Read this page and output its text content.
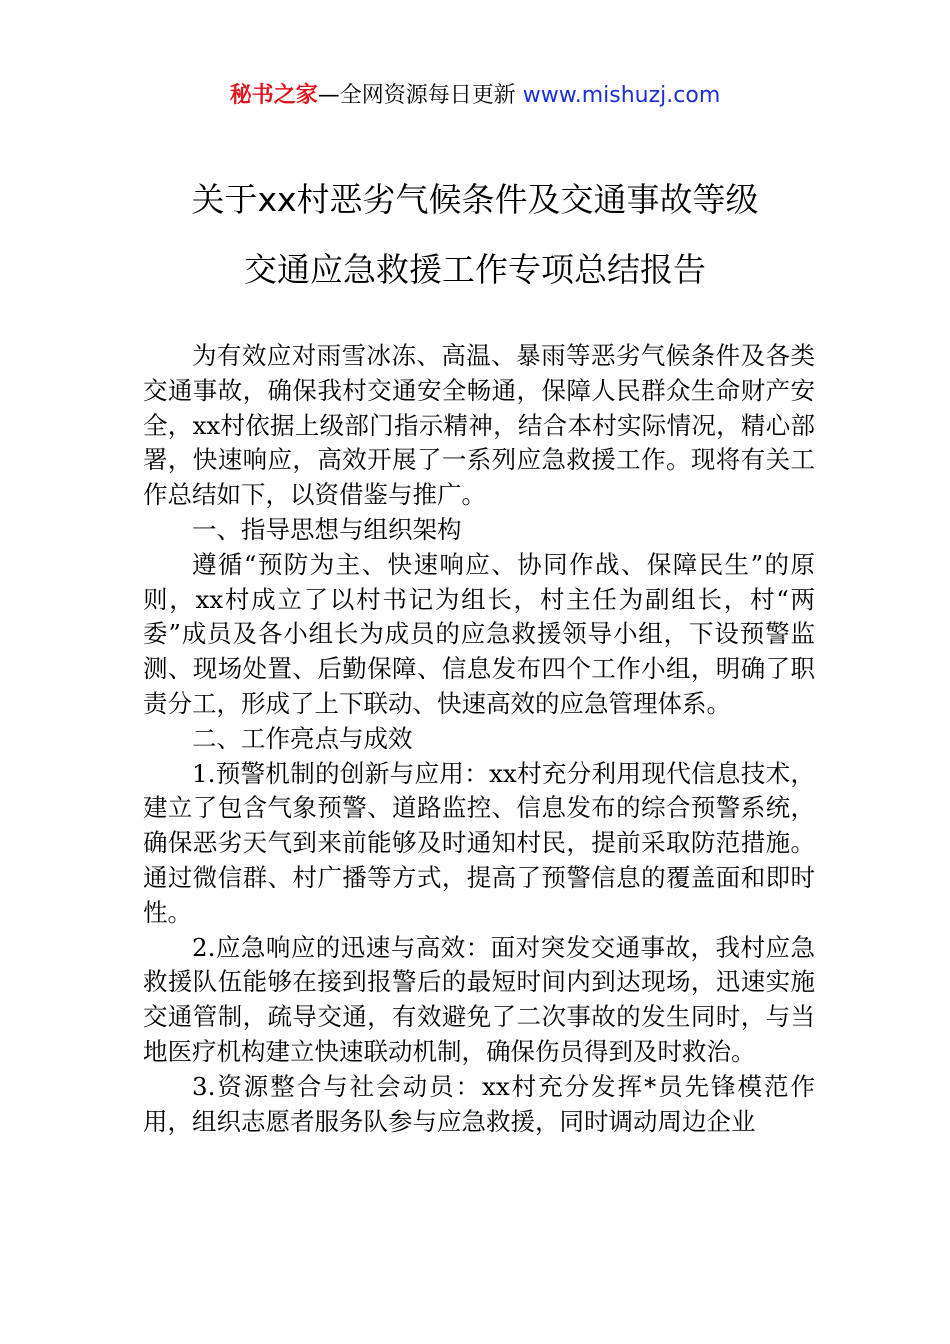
秘书之家—全网资源每日更新 www.mishuzj.com
关于xx村恶劣气候条件及交通事故等级
交通应急救援工作专项总结报告

为有效应对雨雪冰冻、高温、暴雨等恶劣气候条件及各类交通事故，确保我村交通安全畅通，保障人民群众生命财产安全，xx村依据上级部门指示精神，结合本村实际情况，精心部署，快速响应，高效开展了一系列应急救援工作。现将有关工作总结如下，以资借鉴与推广。

一、指导思想与组织架构

遵循“预防为主、快速响应、协同作战、保障民生”的原则，xx村成立了以村书记为组长，村主任为副组长，村“两委”成员及各小组长为成员的应急救援领导小组，下设预警监测、现场处置、后勤保障、信息发布四个工作小组，明确了职责分工，形成了上下联动、快速高效的应急管理体系。

二、工作亮点与成效

1.预警机制的创新与应用：xx村充分利用现代信息技术，建立了包含气象预警、道路监控、信息发布的综合预警系统，确保恶劣天气到来前能够及时通知村民，提前采取防范措施。通过微信群、村广播等方式，提高了预警信息的覆盖面和即时性。

2.应急响应的迅速与高效：面对突发交通事故，我村应急救援队伍能够在接到报警后的最短时间内到达现场，迅速实施交通管制，疏导交通，有效避免了二次事故的发生同时，与当地医疗机构建立快速联动机制，确保伤员得到及时救治。

3.资源整合与社会动员：xx村充分发挥*员先锋模范作用，组织志愿者服务队参与应急救援，同时调动周边企业
